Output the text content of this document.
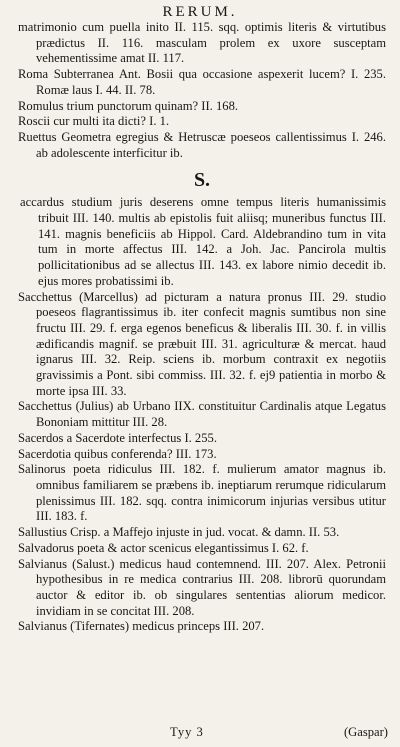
RERUM.
matrimonio cum puella inito II. 115. sqq. optimis literis & virtutibus prædictus II. 116. masculam prolem ex uxore susceptam vehementissime amat II. 117.
Roma Subterranea Ant. Bosii qua occasione aspexerit lucem? I. 235. Romæ laus I. 44. II. 78.
Romulus trium punctorum quinam? II. 168.
Roscii cur multi ita dicti? I. 1.
Ruettus Geometra egregius & Hetruscæ poeseos callentissimus I. 246. ab adolescente interficitur ib.
S.
accardus studium juris deserens omne tempus literis humanissimis tribuit III. 140. multis ab epistolis fuit aliisq; muneribus functus III. 141. magnis beneficiis ab Hippol. Card. Aldebrandino tum in vita tum in morte affectus III. 142. a Joh. Jac. Pancirola multis pollicitationibus ad se allectus III. 143. ex labore nimio decedit ib. ejus mores probatissimi ib.
Sacchettus (Marcellus) ad picturam a natura pronus III. 29. studio poeseos flagrantissimus ib. iter confecit magnis sumtibus non sine fructu III. 29. f. erga egenos beneficus & liberalis III. 30. f. in villis ædificandis magnif. se præbuit III. 31. agriculturæ & mercat. haud ignarus III. 32. Reip. sciens ib. morbum contraxit ex negotiis gravissimis a Pont. sibi commiss. III. 32. f. ej9 patientia in morbo & morte ipsa III. 33.
Sacchettus (Julius) ab Urbano IIX. constituitur Cardinalis atque Legatus Bononiam mittitur III. 28.
Sacerdos a Sacerdote interfectus I. 255.
Sacerdotia quibus conferenda? III. 173.
Salinorus poeta ridiculus III. 182. f. mulierum amator magnus ib. omnibus familiarem se præbens ib. ineptiarum rerumque ridicularum plenissimus III. 182. sqq. contra inimicorum injurias versibus utitur III. 183. f.
Sallustius Crisp. a Maffejo injuste in jud. vocat. & damn. II. 53.
Salvadorus poeta & actor scenicus elegantissimus I. 62. f.
Salvianus (Salust.) medicus haud contemnend. III. 207. Alex. Petronii hypothesibus in re medica contrarius III. 208. librorū quorundam auctor & editor ib. ob singulares sententias aliorum medicor. invidiam in se concitat III. 208.
Salvianus (Tifernates) medicus princeps III. 207.
Tyy 3	(Gaspar)
